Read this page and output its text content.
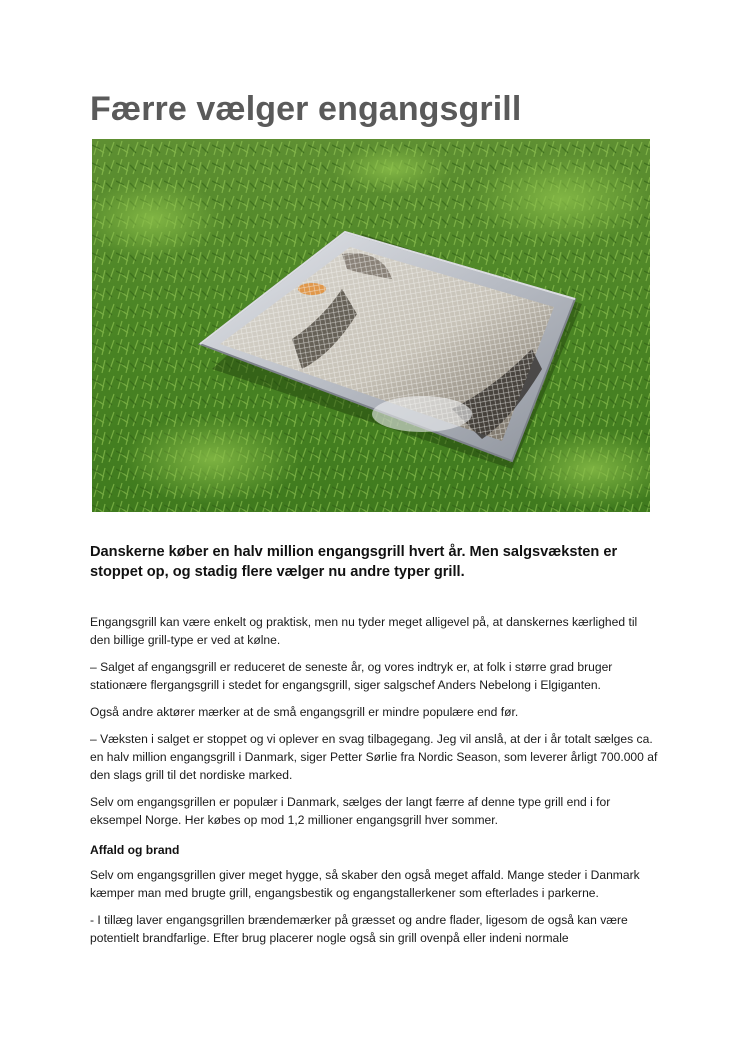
Færre vælger engangsgrill

Danskerne køber en halv million engangsgrill hvert år. Men salgsvæksten er stoppet op, og stadig flere vælger nu andre typer grill.

Engangsgrill kan være enkelt og praktisk, men nu tyder meget alligevel på, at danskernes kærlighed til den billige grill-type er ved at kølne.

– Salget af engangsgrill er reduceret de seneste år, og vores indtryk er, at folk i større grad bruger stationære flergangsgrill i stedet for engangsgrill, siger salgschef Anders Nebelong i Elgiganten.

Også andre aktører mærker at de små engangsgrill er mindre populære end før.

– Væksten i salget er stoppet og vi oplever en svag tilbagegang. Jeg vil anslå, at der i år totalt sælges ca. en halv million engangsgrill i Danmark, siger Petter Sørlie fra Nordic Season, som leverer årligt 700.000 af den slags grill til det nordiske marked.

Selv om engangsgrillen er populær i Danmark, sælges der langt færre af denne type grill end i for eksempel Norge. Her købes op mod 1,2 millioner engangsgrill hver sommer.

Affald og brand

Selv om engangsgrillen giver meget hygge, så skaber den også meget affald. Mange steder i Danmark kæmper man med brugte grill, engangsbestik og engangstallerkener som efterlades i parkerne.

- I tillæg laver engangsgrillen brændemærker på græsset og andre flader, ligesom de også kan være potentielt brandfarlige. Efter brug placerer nogle også sin grill ovenpå eller indeni normale
